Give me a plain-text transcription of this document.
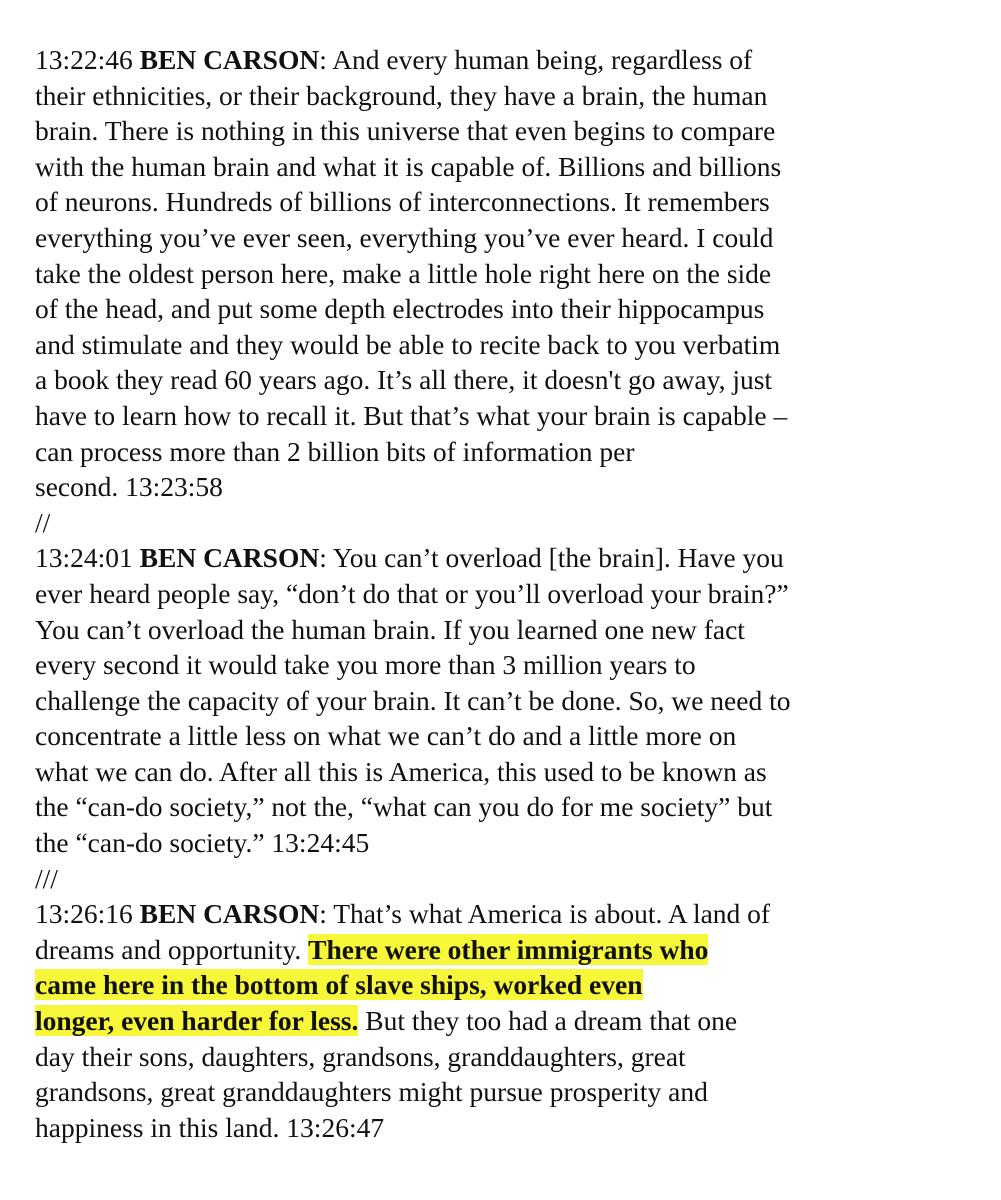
13:22:46 BEN CARSON: And every human being, regardless of
their ethnicities, or their background, they have a brain, the human
brain. There is nothing in this universe that even begins to compare
with the human brain and what it is capable of. Billions and billions
of neurons. Hundreds of billions of interconnections. It remembers
everything you’ve ever seen, everything you’ve ever heard. I could
take the oldest person here, make a little hole right here on the side
of the head, and put some depth electrodes into their hippocampus
and stimulate and they would be able to recite back to you verbatim
a book they read 60 years ago. It’s all there, it doesn't go away, just
have to learn how to recall it. But that’s what your brain is capable –
can process more than 2 billion bits of information per
second. 13:23:58
//
13:24:01 BEN CARSON: You can’t overload [the brain]. Have you
ever heard people say, “don’t do that or you’ll overload your brain?”
You can’t overload the human brain. If you learned one new fact
every second it would take you more than 3 million years to
challenge the capacity of your brain. It can’t be done. So, we need to
concentrate a little less on what we can’t do and a little more on
what we can do. After all this is America, this used to be known as
the “can-do society,” not the, “what can you do for me society” but
the “can-do society.” 13:24:45
///
13:26:16 BEN CARSON: That’s what America is about. A land of
dreams and opportunity. There were other immigrants who
came here in the bottom of slave ships, worked even
longer, even harder for less. But they too had a dream that one
day their sons, daughters, grandsons, granddaughters, great
grandsons, great granddaughters might pursue prosperity and
happiness in this land. 13:26:47
